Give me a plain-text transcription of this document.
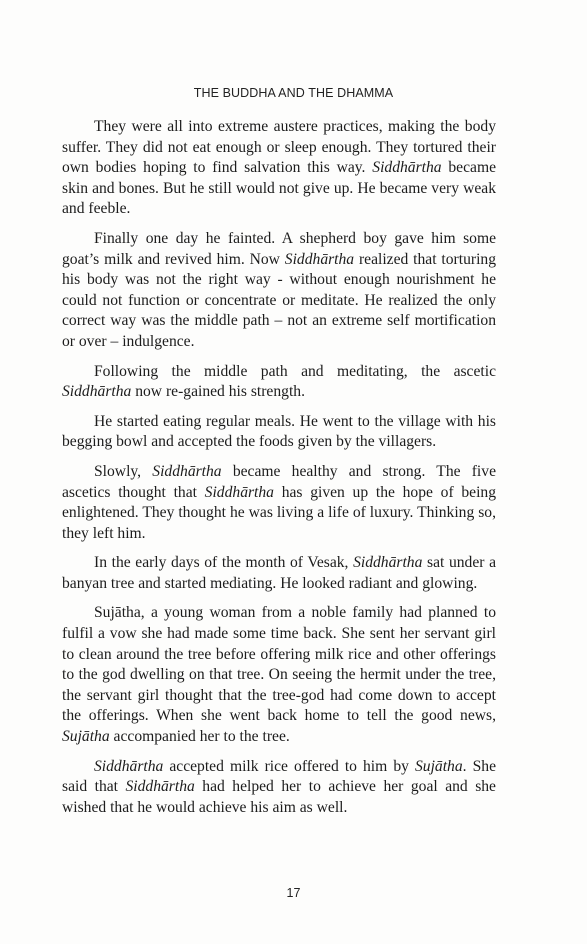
THE BUDDHA AND THE DHAMMA

They were all into extreme austere practices, making the body suffer. They did not eat enough or sleep enough. They tortured their own bodies hoping to find salvation this way. Siddhārtha became skin and bones. But he still would not give up. He became very weak and feeble.

Finally one day he fainted. A shepherd boy gave him some goat’s milk and revived him. Now Siddhārtha realized that torturing his body was not the right way - without enough nourishment he could not function or concentrate or meditate. He realized the only correct way was the middle path – not an extreme self mortification or over – indulgence.

Following the middle path and meditating, the ascetic Siddhārtha now re-gained his strength.

He started eating regular meals. He went to the village with his begging bowl and accepted the foods given by the villagers.

Slowly, Siddhārtha became healthy and strong. The five ascetics thought that Siddhārtha has given up the hope of being enlightened. They thought he was living a life of luxury. Thinking so, they left him.

In the early days of the month of Vesak, Siddhārtha sat under a banyan tree and started mediating. He looked radiant and glowing.

Sujātha, a young woman from a noble family had planned to fulfil a vow she had made some time back. She sent her servant girl to clean around the tree before offering milk rice and other offerings to the god dwelling on that tree. On seeing the hermit under the tree, the servant girl thought that the tree-god had come down to accept the offerings. When she went back home to tell the good news, Sujātha accompanied her to the tree.

Siddhārtha accepted milk rice offered to him by Sujātha. She said that Siddhārtha had helped her to achieve her goal and she wished that he would achieve his aim as well.

17
